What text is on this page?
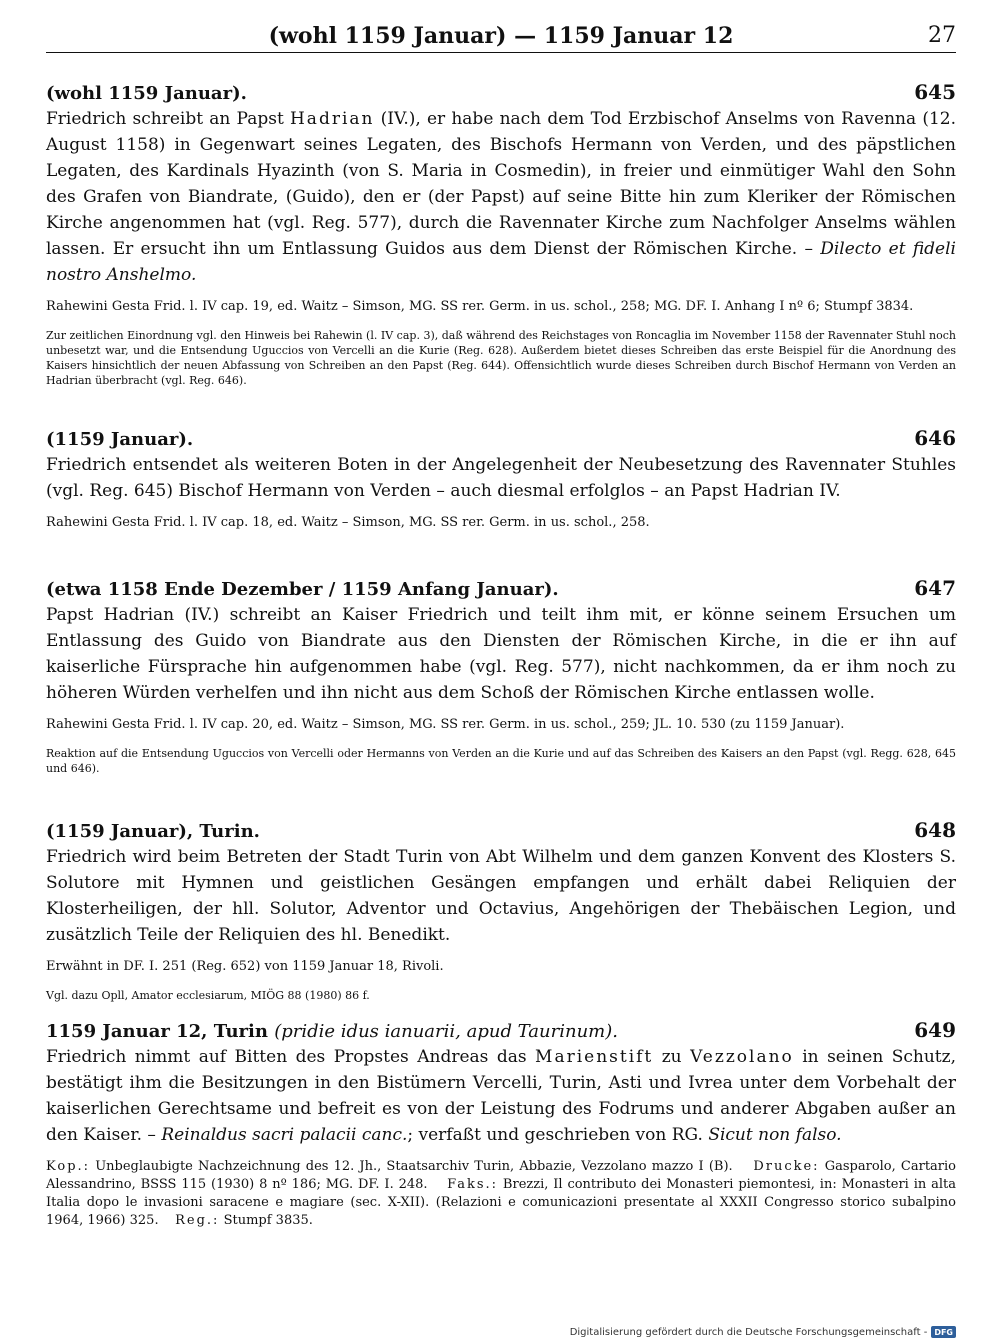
(wohl 1159 Januar) — 1159 Januar 12	27
(wohl 1159 Januar).	645

Friedrich schreibt an Papst Hadrian (IV.), er habe nach dem Tod Erzbischof Anselms von Ravenna (12. August 1158) in Gegenwart seines Legaten, des Bischofs Hermann von Verden, und des päpstlichen Legaten, des Kardinals Hyazinth (von S. Maria in Cosmedin), in freier und einmütiger Wahl den Sohn des Grafen von Biandrate, (Guido), den er (der Papst) auf seine Bitte hin zum Kleriker der Römischen Kirche angenommen hat (vgl. Reg. 577), durch die Ravennater Kirche zum Nachfolger Anselms wählen lassen. Er ersucht ihn um Entlassung Guidos aus dem Dienst der Römischen Kirche. – Dilecto et fideli nostro Anshelmo.

Rahewini Gesta Frid. l. IV cap. 19, ed. Waitz – Simson, MG. SS rer. Germ. in us. schol., 258; MG. DF. I. Anhang I nº 6; Stumpf 3834.

Zur zeitlichen Einordnung vgl. den Hinweis bei Rahewin (l. IV cap. 3), daß während des Reichstages von Roncaglia im November 1158 der Ravennater Stuhl noch unbesetzt war, und die Entsendung Uguccios von Vercelli an die Kurie (Reg. 628). Außerdem bietet dieses Schreiben das erste Beispiel für die Anordnung des Kaisers hinsichtlich der neuen Abfassung von Schreiben an den Papst (Reg. 644). Offensichtlich wurde dieses Schreiben durch Bischof Hermann von Verden an Hadrian überbracht (vgl. Reg. 646).

(1159 Januar).	646

Friedrich entsendet als weiteren Boten in der Angelegenheit der Neubesetzung des Ravennater Stuhles (vgl. Reg. 645) Bischof Hermann von Verden – auch diesmal erfolglos – an Papst Hadrian IV.

Rahewini Gesta Frid. l. IV cap. 18, ed. Waitz – Simson, MG. SS rer. Germ. in us. schol., 258.

(etwa 1158 Ende Dezember / 1159 Anfang Januar).	647

Papst Hadrian (IV.) schreibt an Kaiser Friedrich und teilt ihm mit, er könne seinem Ersuchen um Entlassung des Guido von Biandrate aus den Diensten der Römischen Kirche, in die er ihn auf kaiserliche Fürsprache hin aufgenommen habe (vgl. Reg. 577), nicht nachkommen, da er ihm noch zu höheren Würden verhelfen und ihn nicht aus dem Schoß der Römischen Kirche entlassen wolle.

Rahewini Gesta Frid. l. IV cap. 20, ed. Waitz – Simson, MG. SS rer. Germ. in us. schol., 259; JL. 10. 530 (zu 1159 Januar).

Reaktion auf die Entsendung Uguccios von Vercelli oder Hermanns von Verden an die Kurie und auf das Schreiben des Kaisers an den Papst (vgl. Regg. 628, 645 und 646).

(1159 Januar), Turin.	648

Friedrich wird beim Betreten der Stadt Turin von Abt Wilhelm und dem ganzen Konvent des Klosters S. Solutore mit Hymnen und geistlichen Gesängen empfangen und erhält dabei Reliquien der Klosterheiligen, der hll. Solutor, Adventor und Octavius, Angehörigen der Thebäischen Legion, und zusätzlich Teile der Reliquien des hl. Benedikt.

Erwähnt in DF. I. 251 (Reg. 652) von 1159 Januar 18, Rivoli.

Vgl. dazu Opll, Amator ecclesiarum, MIÖG 88 (1980) 86 f.

1159 Januar 12, Turin (pridie idus ianuarii, apud Taurinum).	649

Friedrich nimmt auf Bitten des Propstes Andreas das Marienstift zu Vezzolano in seinen Schutz, bestätigt ihm die Besitzungen in den Bistümern Vercelli, Turin, Asti und Ivrea unter dem Vorbehalt der kaiserlichen Gerechtsame und befreit es von der Leistung des Fodrums und anderer Abgaben außer an den Kaiser. – Reinaldus sacri palacii canc.; verfaßt und geschrieben von RG. Sicut non falso.

Kop.: Unbeglaubigte Nachzeichnung des 12. Jh., Staatsarchiv Turin, Abbazie, Vezzolano mazzo I (B). Drucke: Gasparolo, Cartario Alessandrino, BSSS 115 (1930) 8 nº 186; MG. DF. I. 248. Faks.: Brezzi, Il contributo dei Monasteri piemontesi, in: Monasteri in alta Italia dopo le invasioni saracene e magiare (sec. X-XII). (Relazioni e comunicazioni presentate al XXXII Congresso storico subalpino 1964, 1966) 325. Reg.: Stumpf 3835.

Digitalisierung gefördert durch die Deutsche Forschungsgemeinschaft - DFG
